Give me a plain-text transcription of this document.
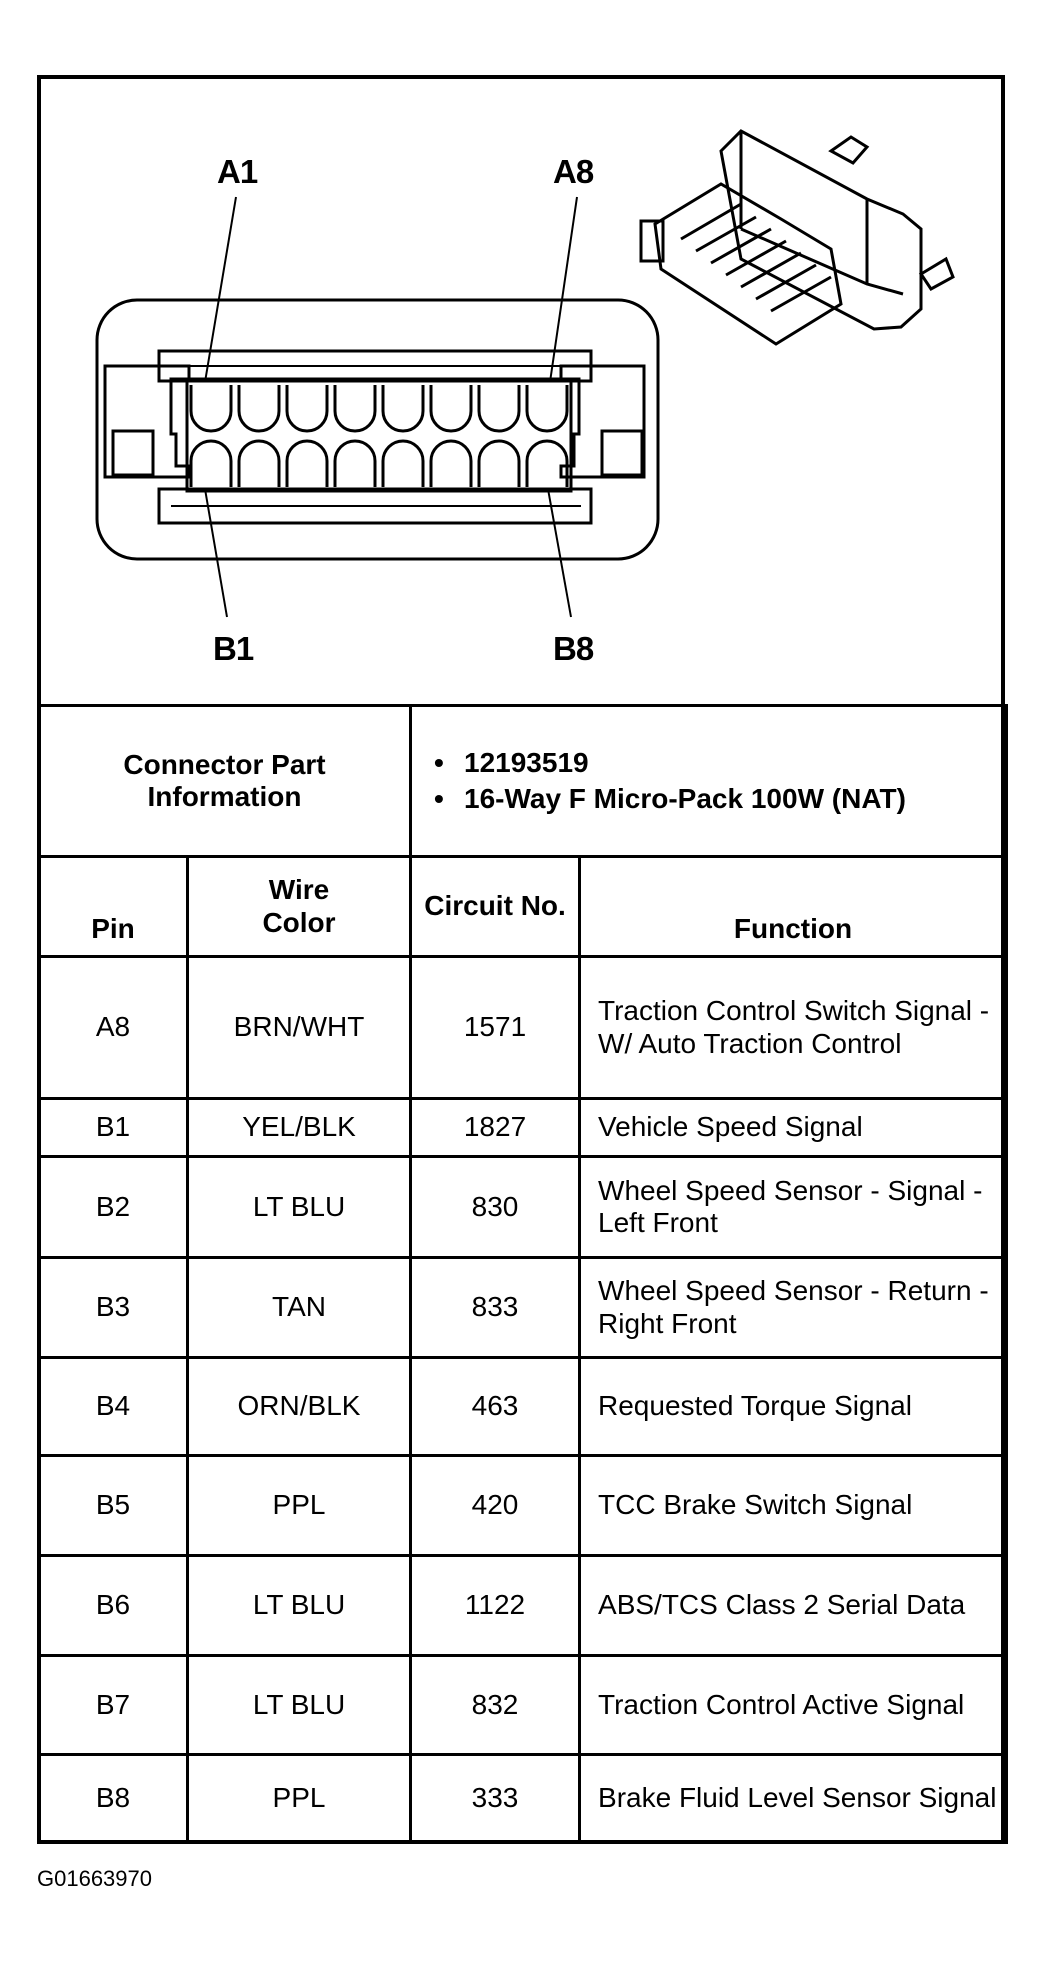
A1	A8
B1	B8
Connector Part Information	
• 12193519
• 16-Way F Micro-Pack 100W (NAT)

Pin	Wire Color	Circuit No.	Function
A8	BRN/WHT	1571	Traction Control Switch Signal - W/ Auto Traction Control
B1	YEL/BLK	1827	Vehicle Speed Signal
B2	LT BLU	830	Wheel Speed Sensor - Signal - Left Front
B3	TAN	833	Wheel Speed Sensor - Return - Right Front
B4	ORN/BLK	463	Requested Torque Signal
B5	PPL	420	TCC Brake Switch Signal
B6	LT BLU	1122	ABS/TCS Class 2 Serial Data
B7	LT BLU	832	Traction Control Active Signal
B8	PPL	333	Brake Fluid Level Sensor Signal
G01663970
